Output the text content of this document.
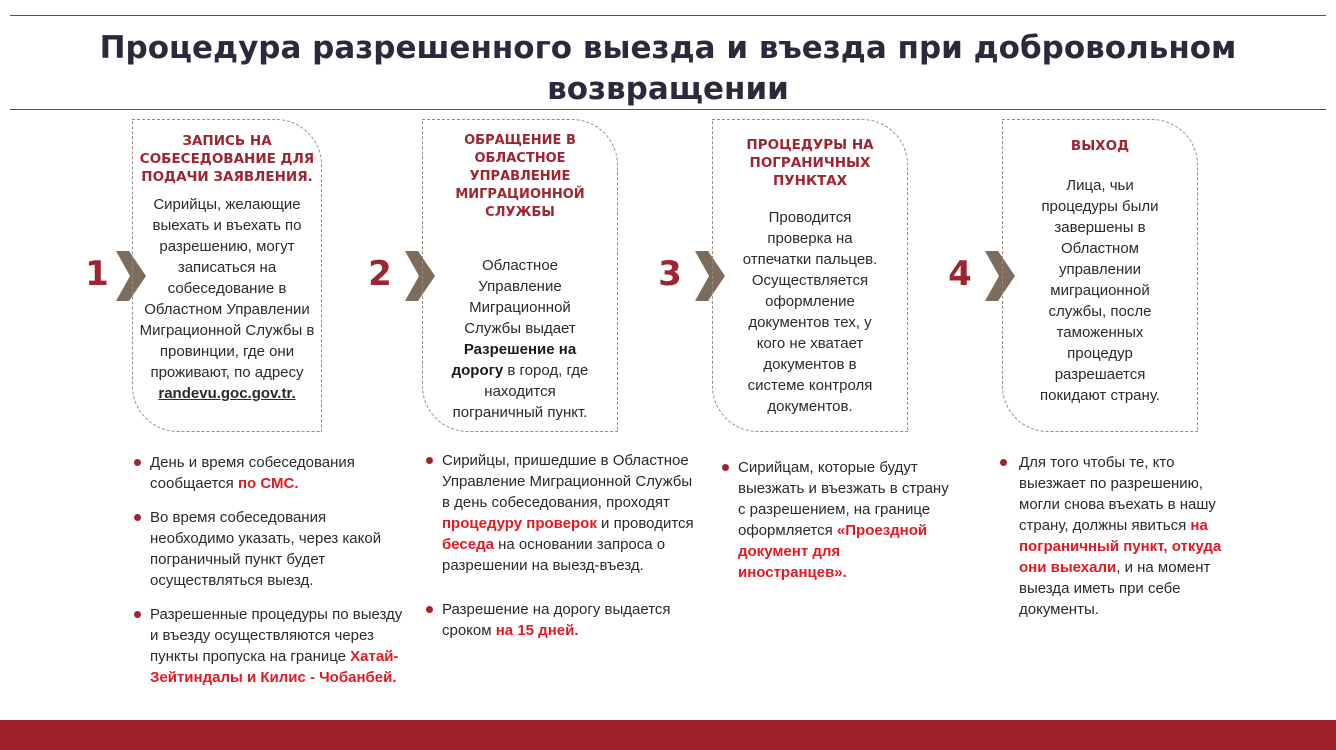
Процедура разрешенного выезда и въезда при добровольном возвращении
1
ЗАПИСЬ НА СОБЕСЕДОВАНИЕ ДЛЯ ПОДАЧИ ЗАЯВЛЕНИЯ.
Сирийцы, желающие выехать и въехать по разрешению, могут записаться на собеседование в Областном Управлении Миграционной Службы в провинции, где они проживают, по адресу
randevu.goc.gov.tr.
День и время собеседования сообщается по СМС.
Во время собеседования необходимо указать, через какой пограничный пункт будет осуществляться выезд.
Разрешенные процедуры по выезду и въезду осуществляются через пункты пропуска на границе Хатай-Зейтиндалы и Килис - Чобанбей.
2
ОБРАЩЕНИЕ В ОБЛАСТНОЕ УПРАВЛЕНИЕ МИГРАЦИОННОЙ СЛУЖБЫ
Областное Управление Миграционной Службы выдает Разрешение на дорогу в город, где находится пограничный пункт.
Сирийцы, пришедшие в Областное Управление Миграционной Службы в день собеседования, проходят процедуру проверок и проводится беседа на основании запроса о разрешении на выезд-въезд.
Разрешение на дорогу выдается сроком на 15 дней.
3
ПРОЦЕДУРЫ НА ПОГРАНИЧНЫХ ПУНКТАХ
Проводится проверка на отпечатки пальцев. Осуществляется оформление документов тех, у кого не хватает документов в системе контроля документов.
Сирийцам, которые будут выезжать и въезжать в страну с разрешением, на границе оформляется «Проездной документ для иностранцев».
4
ВЫХОД
Лица, чьи процедуры были завершены в Областном управлении миграционной службы, после таможенных процедур разрешается покидают страну.
Для того чтобы те, кто выезжает по разрешению, могли снова въехать в нашу страну, должны явиться на пограничный пункт, откуда они выехали, и на момент выезда иметь при себе документы.
